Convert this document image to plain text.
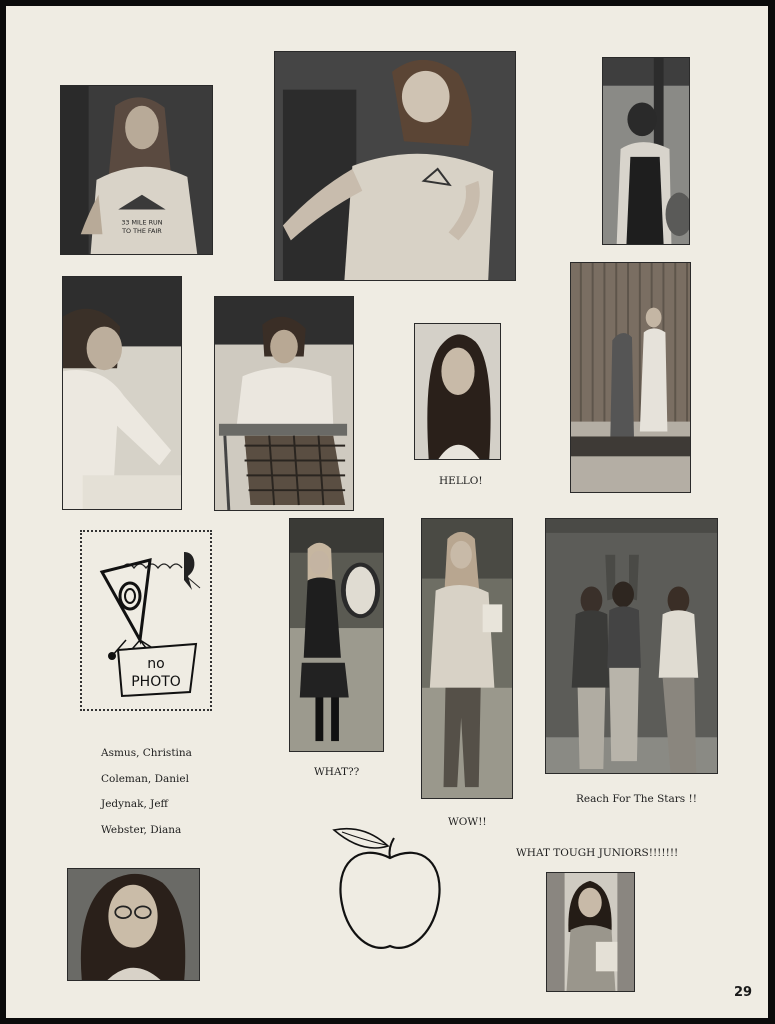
33 MILE RUN
TO THE FAIR
no
PHOTO
HELLO!
WHAT??
WOW!!
Reach For The Stars !!
WHAT TOUGH JUNIORS!!!!!!!
Asmus, Christina
Coleman, Daniel
Jedynak, Jeff
Webster, Diana
29
